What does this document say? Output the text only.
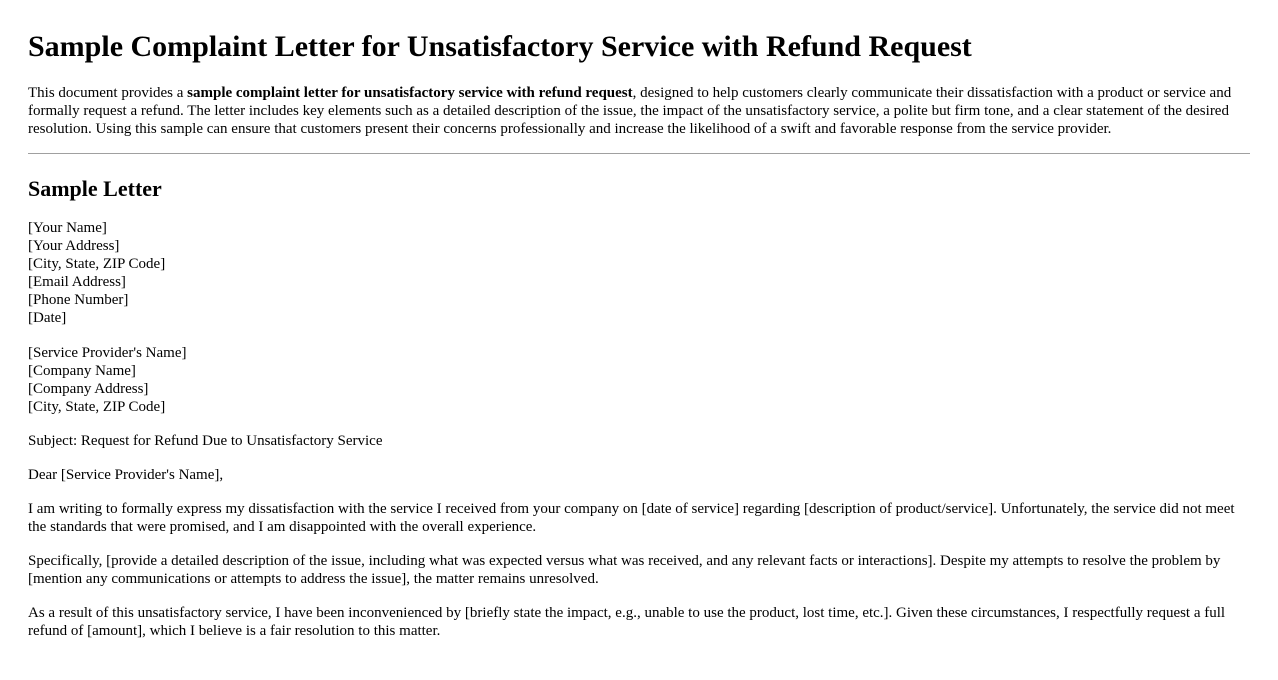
Sample Complaint Letter for Unsatisfactory Service with Refund Request
This document provides a sample complaint letter for unsatisfactory service with refund request, designed to help customers clearly communicate their dissatisfaction with a product or service and formally request a refund. The letter includes key elements such as a detailed description of the issue, the impact of the unsatisfactory service, a polite but firm tone, and a clear statement of the desired resolution. Using this sample can ensure that customers present their concerns professionally and increase the likelihood of a swift and favorable response from the service provider.
Sample Letter
[Your Name]
[Your Address]
[City, State, ZIP Code]
[Email Address]
[Phone Number]
[Date]
[Service Provider's Name]
[Company Name]
[Company Address]
[City, State, ZIP Code]

Subject: Request for Refund Due to Unsatisfactory Service

Dear [Service Provider's Name],

I am writing to formally express my dissatisfaction with the service I received from your company on [date of service] regarding [description of product/service]. Unfortunately, the service did not meet the standards that were promised, and I am disappointed with the overall experience.

Specifically, [provide a detailed description of the issue, including what was expected versus what was received, and any relevant facts or interactions]. Despite my attempts to resolve the problem by [mention any communications or attempts to address the issue], the matter remains unresolved.

As a result of this unsatisfactory service, I have been inconvenienced by [briefly state the impact, e.g., unable to use the product, lost time, etc.]. Given these circumstances, I respectfully request a full refund of [amount], which I believe is a fair resolution to this matter.
